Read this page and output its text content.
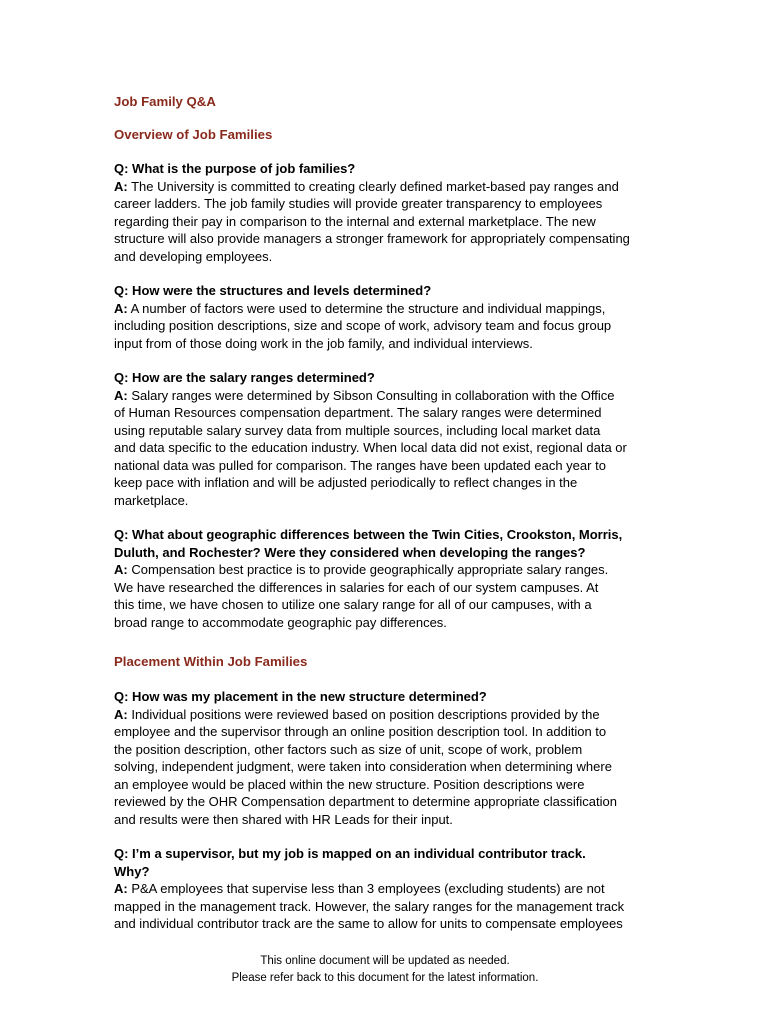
Job Family Q&A
Overview of Job Families

Q: What is the purpose of job families?

A: The University is committed to creating clearly defined market-based pay ranges and
career ladders. The job family studies will provide greater transparency to employees
regarding their pay in comparison to the internal and external marketplace. The new
structure will also provide managers a stronger framework for appropriately compensating
and developing employees.

Q: How were the structures and levels determined?

A: A number of factors were used to determine the structure and individual mappings,
including position descriptions, size and scope of work, advisory team and focus group
input from of those doing work in the job family, and individual interviews.

Q: How are the salary ranges determined?

A: Salary ranges were determined by Sibson Consulting in collaboration with the Office
of Human Resources compensation department. The salary ranges were determined
using reputable salary survey data from multiple sources, including local market data
and data specific to the education industry. When local data did not exist, regional data or
national data was pulled for comparison. The ranges have been updated each year to
keep pace with inflation and will be adjusted periodically to reflect changes in the
marketplace.

Q: What about geographic differences between the Twin Cities, Crookston, Morris,
Duluth, and Rochester? Were they considered when developing the ranges?

A: Compensation best practice is to provide geographically appropriate salary ranges.
We have researched the differences in salaries for each of our system campuses. At
this time, we have chosen to utilize one salary range for all of our campuses, with a
broad range to accommodate geographic pay differences.

Placement Within Job Families

Q: How was my placement in the new structure determined?

A: Individual positions were reviewed based on position descriptions provided by the
employee and the supervisor through an online position description tool. In addition to
the position description, other factors such as size of unit, scope of work, problem
solving, independent judgment, were taken into consideration when determining where
an employee would be placed within the new structure. Position descriptions were
reviewed by the OHR Compensation department to determine appropriate classification
and results were then shared with HR Leads for their input.

Q: I’m a supervisor, but my job is mapped on an individual contributor track.
Why?

A: P&A employees that supervise less than 3 employees (excluding students) are not
mapped in the management track. However, the salary ranges for the management track
and individual contributor track are the same to allow for units to compensate employees

This online document will be updated as needed.
Please refer back to this document for the latest information.
